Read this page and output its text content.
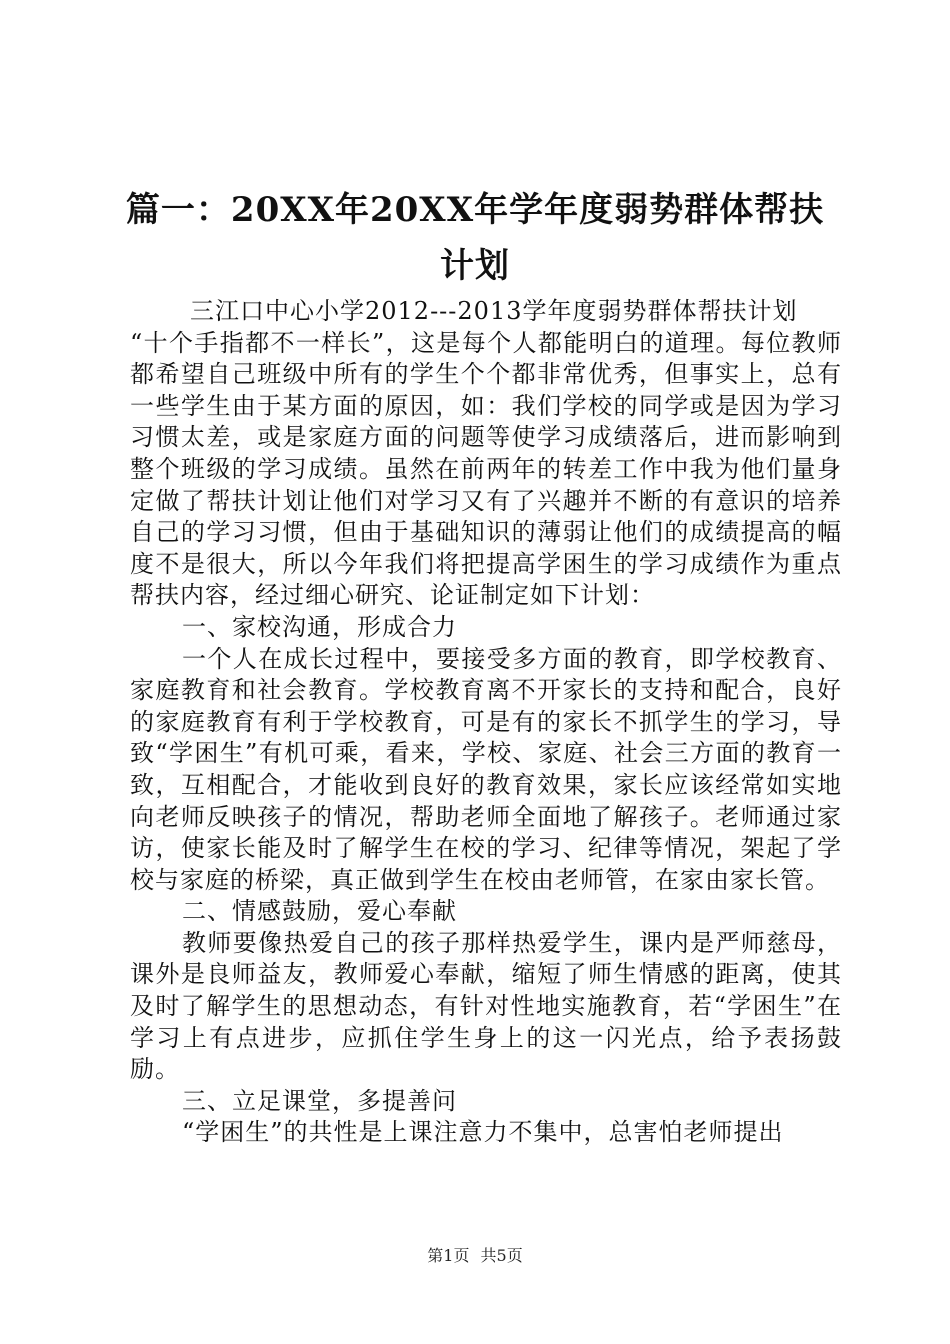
篇一：20XX年20XX年学年度弱势群体帮扶计划

三江口中心小学2012---2013学年度弱势群体帮扶计划

“十个手指都不一样长”，这是每个人都能明白的道理。每位教师都希望自己班级中所有的学生个个都非常优秀，但事实上，总有一些学生由于某方面的原因，如：我们学校的同学或是因为学习习惯太差，或是家庭方面的问题等使学习成绩落后，进而影响到整个班级的学习成绩。虽然在前两年的转差工作中我为他们量身定做了帮扶计划让他们对学习又有了兴趣并不断的有意识的培养自己的学习习惯，但由于基础知识的薄弱让他们的成绩提高的幅度不是很大，所以今年我们将把提高学困生的学习成绩作为重点帮扶内容，经过细心研究、论证制定如下计划：

一、家校沟通，形成合力

一个人在成长过程中，要接受多方面的教育，即学校教育、家庭教育和社会教育。学校教育离不开家长的支持和配合，良好的家庭教育有利于学校教育，可是有的家长不抓学生的学习，导致“学困生”有机可乘，看来，学校、家庭、社会三方面的教育一致，互相配合，才能收到良好的教育效果，家长应该经常如实地向老师反映孩子的情况，帮助老师全面地了解孩子。老师通过家访，使家长能及时了解学生在校的学习、纪律等情况，架起了学校与家庭的桥梁，真正做到学生在校由老师管，在家由家长管。

二、情感鼓励，爱心奉献

教师要像热爱自己的孩子那样热爱学生，课内是严师慈母，课外是良师益友，教师爱心奉献，缩短了师生情感的距离，使其及时了解学生的思想动态，有针对性地实施教育，若“学困生”在学习上有点进步，应抓住学生身上的这一闪光点，给予表扬鼓励。

三、立足课堂，多提善问

“学困生”的共性是上课注意力不集中，总害怕老师提出

第1页 共5页
